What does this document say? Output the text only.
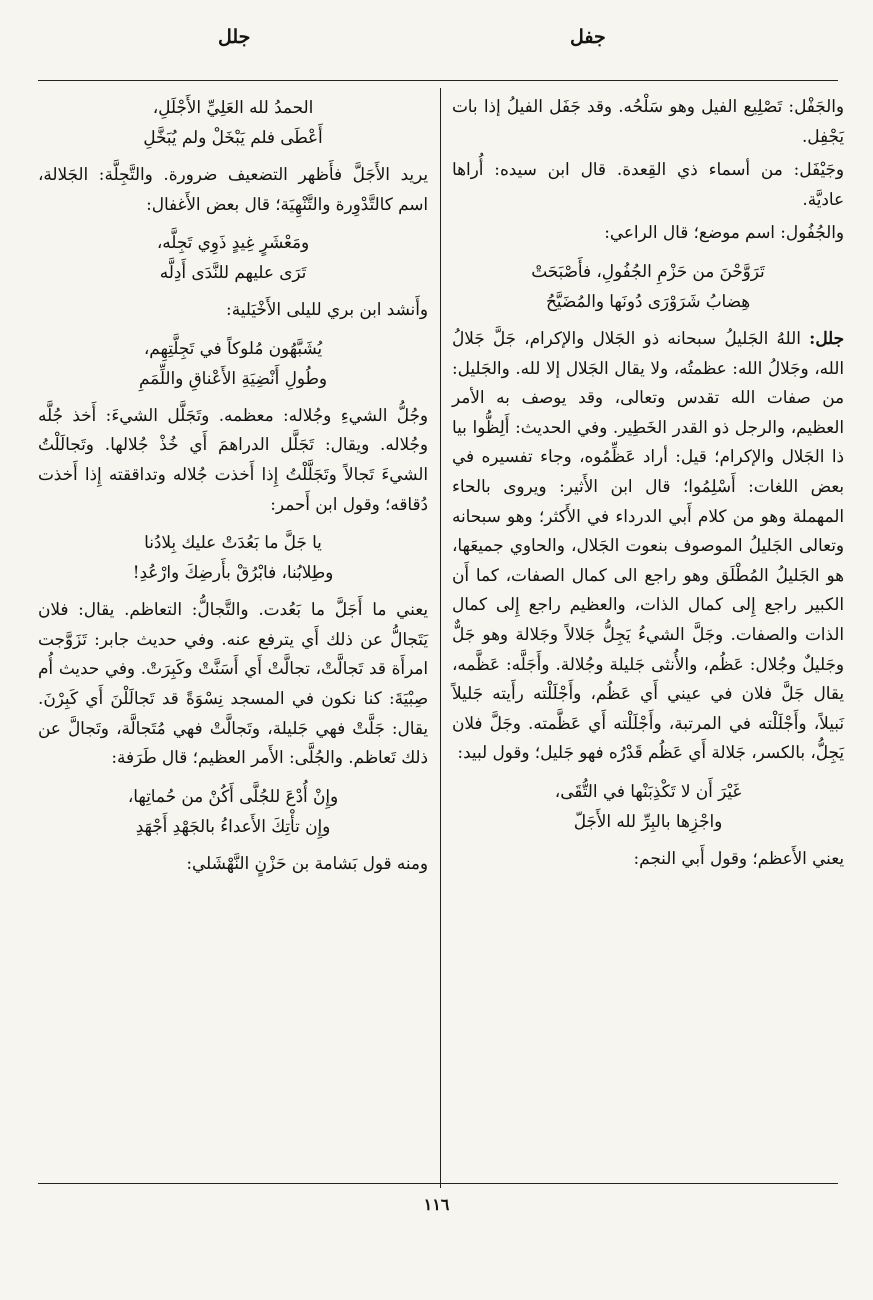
جفل
جلل

والجَفْل: تَصْلِيع الفيل وهو سَلْحُه. وقد جَفَل الفيلُ إذا بات يَجْفِل.

وجَيْفَل: من أسماء ذي القِعدة. قال ابن سيده: أُراها عاديَّة.

والجُفُول: اسم موضع؛ قال الراعي:

تَرَوَّحْنَ من حَزْمِ الجُفُولِ، فأَصْبَحَتْ
هِضابُ شَرَوْرَى دُونَها والمُضَيَّحُ

جلل: اللهُ الجَليلُ سبحانه ذو الجَلال والإكرام، جَلَّ جَلالُ الله، وجَلالُ الله: عظمتُه، ولا يقال الجَلال إلا لله. والجَليل: من صفات الله تقدس وتعالى، وقد يوصف به الأمر العظيم، والرجل ذو القدر الخَطِير. وفي الحديث: أَلِظُّوا بيا ذا الجَلال والإكرام؛ قيل: أراد عَظِّمُوه، وجاء تفسيره في بعض اللغات: أَسْلِمُوا؛ قال ابن الأَثير: ويروى بالحاء المهملة وهو من كلام أَبي الدرداء في الأَكثر؛ وهو سبحانه وتعالى الجَليلُ الموصوف بنعوت الجَلال، والحاوي جميعَها، هو الجَليلُ المُطْلَق وهو راجع الى كمال الصفات، كما أَن الكبير راجع إِلى كمال الذات، والعظيم راجع إِلى كمال الذات والصفات. وجَلَّ الشيءُ يَجِلُّ جَلالاً وجَلالة وهو جَلٌّ وجَليلٌ وجُلال: عَظُم، والأُنثى جَليلة وجُلالة. وأَجَلَّه: عَظَّمه، يقال جَلَّ فلان في عيني أَي عَظُم، وأَجْلَلْته رأَيته جَليلاً نَبيلاً، وأَجْلَلْته في المرتبة، وأَجْلَلْته أَي عَظَّمته. وجَلَّ فلان يَجِلُّ، بالكسر، جَلالة أَي عَظُم قَدْرُه فهو جَليل؛ وقول لبيد:

غَيْرَ أَن لا تَكْذِبَنْها في التُّقَى،
واجْزِها بالبِرِّ لله الأَجَلّ

يعني الأَعظم؛ وقول أَبي النجم:

الحمدُ لله العَلِيِّ الأَجْلَلِ،
أَعْطَى فلم يَبْخَلْ ولم يُبَخَّلِ

يريد الأَجَلَّ فأَظهر التضعيف ضرورة. والتَّجِلَّة: الجَلالة، اسم كالتَّدْوِرة والتَّنْهِيَة؛ قال بعض الأَغفال:

ومَعْشَرٍ غِيدٍ ذَوِي تَجِلَّه،
تَرَى عليهم للنَّدَى أَدِلَّه

وأَنشد ابن بري لليلى الأَخْيَلية:

يُشَبَّهُون مُلوكاً في تَجِلَّتِهِم،
وطُولِ أَنْضِيَةِ الأَعْناقِ واللِّمَمِ

وجُلُّ الشيءِ وجُلاله: معظمه. وتَجَلَّل الشيءَ: أَخذ جُلَّه وجُلاله. ويقال: تَجَلَّل الدراهمَ أَي خُذْ جُلالها. وتَجالَلْتُ الشيءَ تَجالاً وتَجَلَّلْتُ إِذا أَخذت جُلاله وتداققته إِذا أَخذت دُقاقه؛ وقول ابن أَحمر:

يا جَلَّ ما بَعُدَتْ عليك بِلادُنا
وطِلابُنا، فابْرُقْ بأَرضِكَ وارْعُدِ!

يعني ما أَجَلَّ ما بَعُدت. والتَّجالُّ: التعاظم. يقال: فلان يَتَجالُّ عن ذلك أَي يترفع عنه. وفي حديث جابر: تَزَوَّجت امرأَة قد تَجالَّتْ، تجالَّتْ أَي أَسَنَّتْ وكَبِرَتْ. وفي حديث أُم صِبْيَةَ: كنا نكون في المسجد نِسْوَةً قد تَجالَلْنَ أَي كَبِرْنَ. يقال: جَلَّتْ فهي جَليلة، وتَجالَّتْ فهي مُتَجالَّة، وتَجالَّ عن ذلك تَعاظم. والجُلَّى: الأَمر العظيم؛ قال طَرَفة:

وإِنْ أُدْعَ للجُلَّى أَكُنْ من حُماتِها،
وإِن تأْتِكَ الأَعداءُ بالجَهْدِ أَجْهَدِ

ومنه قول بَشامة بن حَزْنٍ النَّهْشَلي:

١١٦
